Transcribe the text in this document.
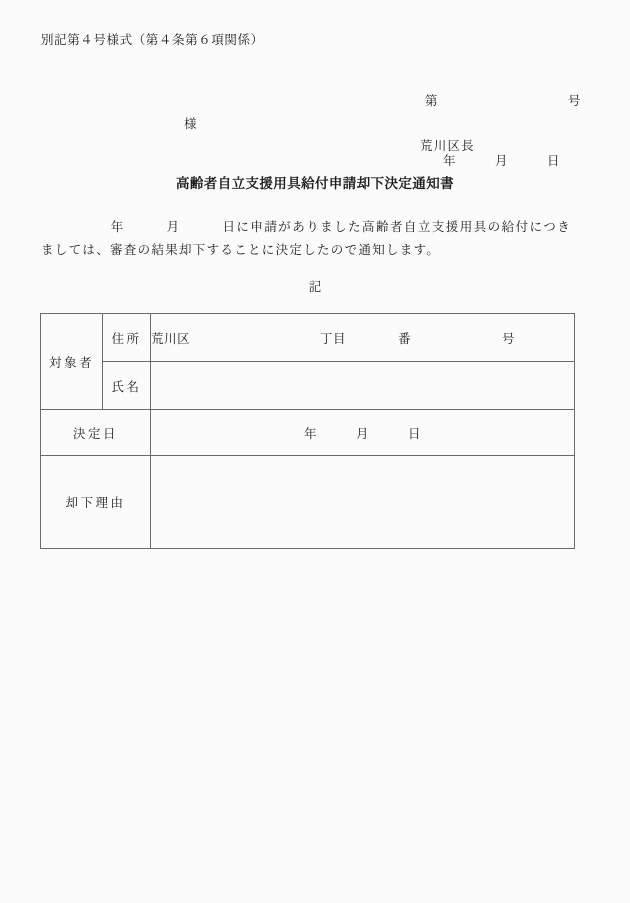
別記第４号様式（第４条第６項関係）

第　　　　　　　　　　号

年　　　月　　　日

様
荒川区長
高齢者自立支援用具給付申請却下決定通知書
　　　　　年　　　月　　　日に申請がありました高齢者自立支援用具の給付につきましては、審査の結果却下することに決定したので通知します。
記
対象者	住所	荒川区　　　　　　　　　　丁目　　　　番　　　　　　　号
	氏名	
決定日		年　　　月　　　日

却下理由		
